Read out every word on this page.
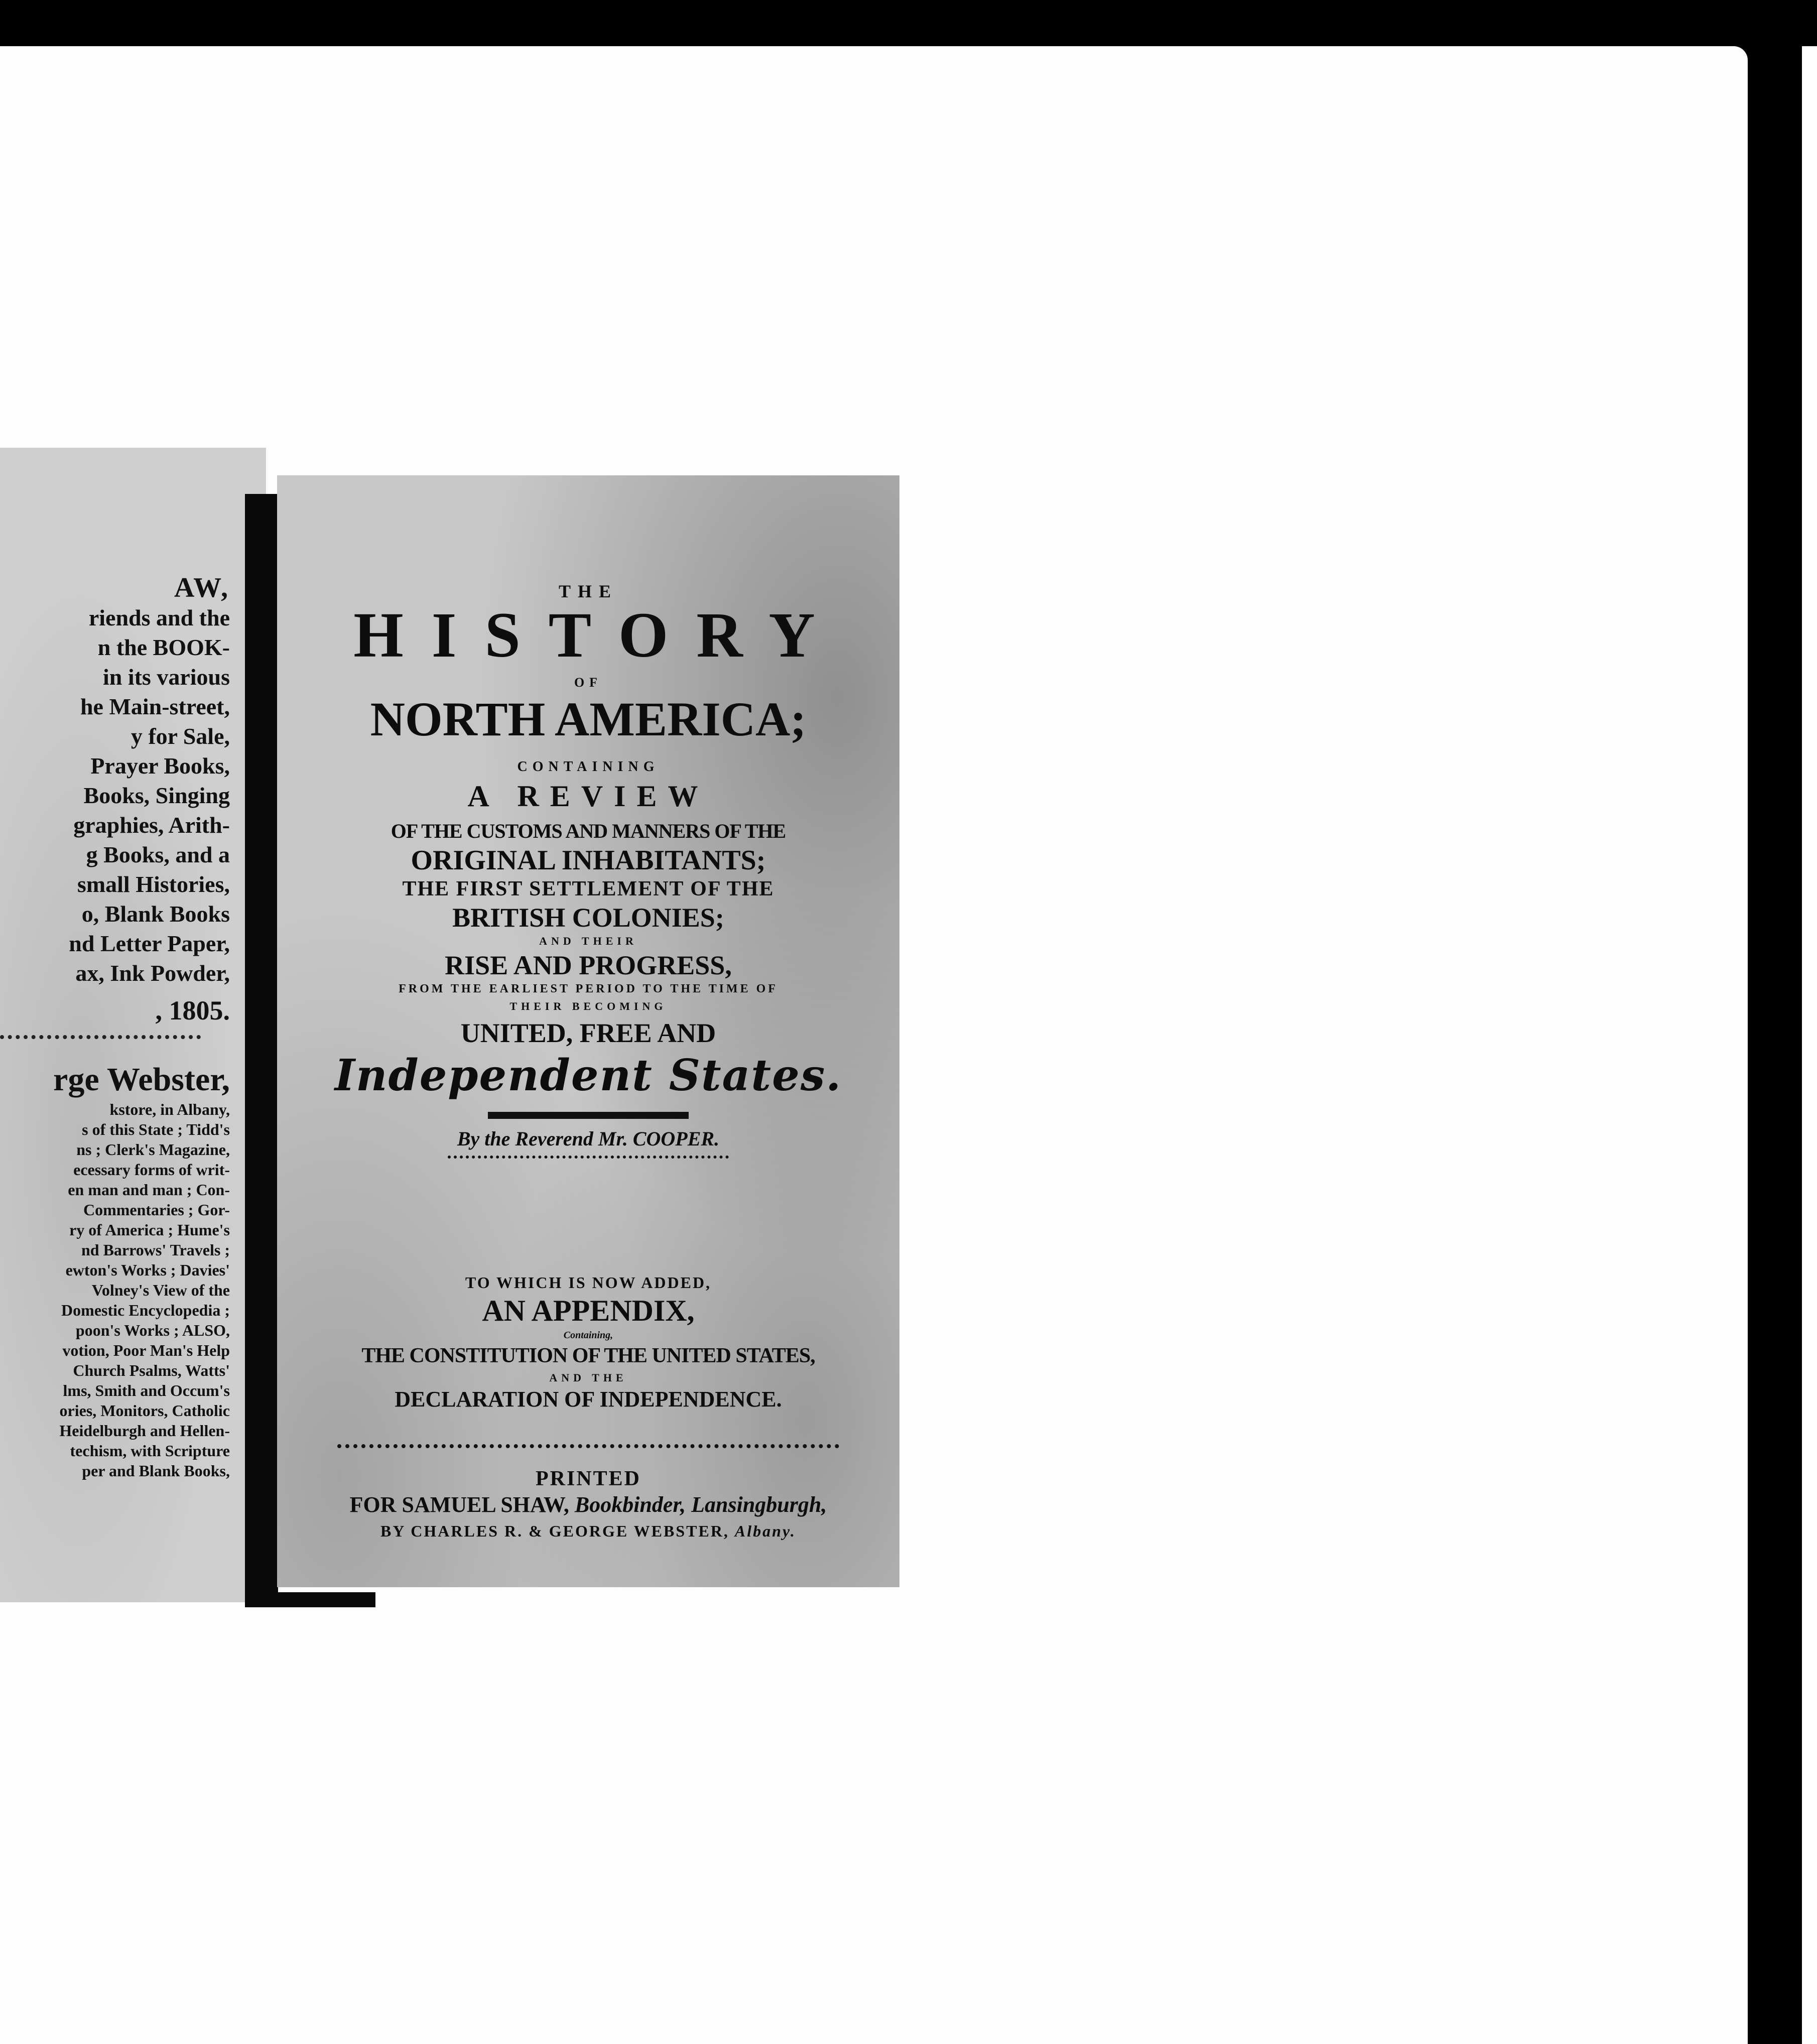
AW,
riends and the
n the BOOK-
in its various
he Main-street,
y for Sale,
Prayer Books,
Books, Singing
graphies, Arith-
g Books, and a
small Histories,
o, Blank Books
nd Letter Paper,
ax, Ink Powder,
, 1805.
rge Webster,
kstore, in Albany,
s of this State ; Tidd's
ns ; Clerk's Magazine,
ecessary forms of writ-
en man and man ; Con-
Commentaries ; Gor-
ry of America ; Hume's
nd Barrows' Travels ;
ewton's Works ; Davies'
Volney's View of the
Domestic Encyclopedia ;
poon's Works ; ALSO,
votion, Poor Man's Help
Church Psalms, Watts'
lms, Smith and Occum's
ories, Monitors, Catholic
Heidelburgh and Hellen-
techism, with Scripture
per and Blank Books,
THE
HISTORY
OF
NORTH AMERICA;
CONTAINING
A REVIEW
OF THE CUSTOMS AND MANNERS OF THE
ORIGINAL INHABITANTS;
THE FIRST SETTLEMENT OF THE
BRITISH COLONIES;
AND THEIR
RISE AND PROGRESS,
FROM THE EARLIEST PERIOD TO THE TIME OF
THEIR BECOMING
UNITED, FREE AND
Independent States.
By the Reverend Mr. COOPER.
TO WHICH IS NOW ADDED,
AN APPENDIX,
Containing,
THE CONSTITUTION OF THE UNITED STATES,
AND THE
DECLARATION OF INDEPENDENCE.
PRINTED
FOR SAMUEL SHAW, Bookbinder, Lansingburgh,
BY CHARLES R. & GEORGE WEBSTER, Albany.
